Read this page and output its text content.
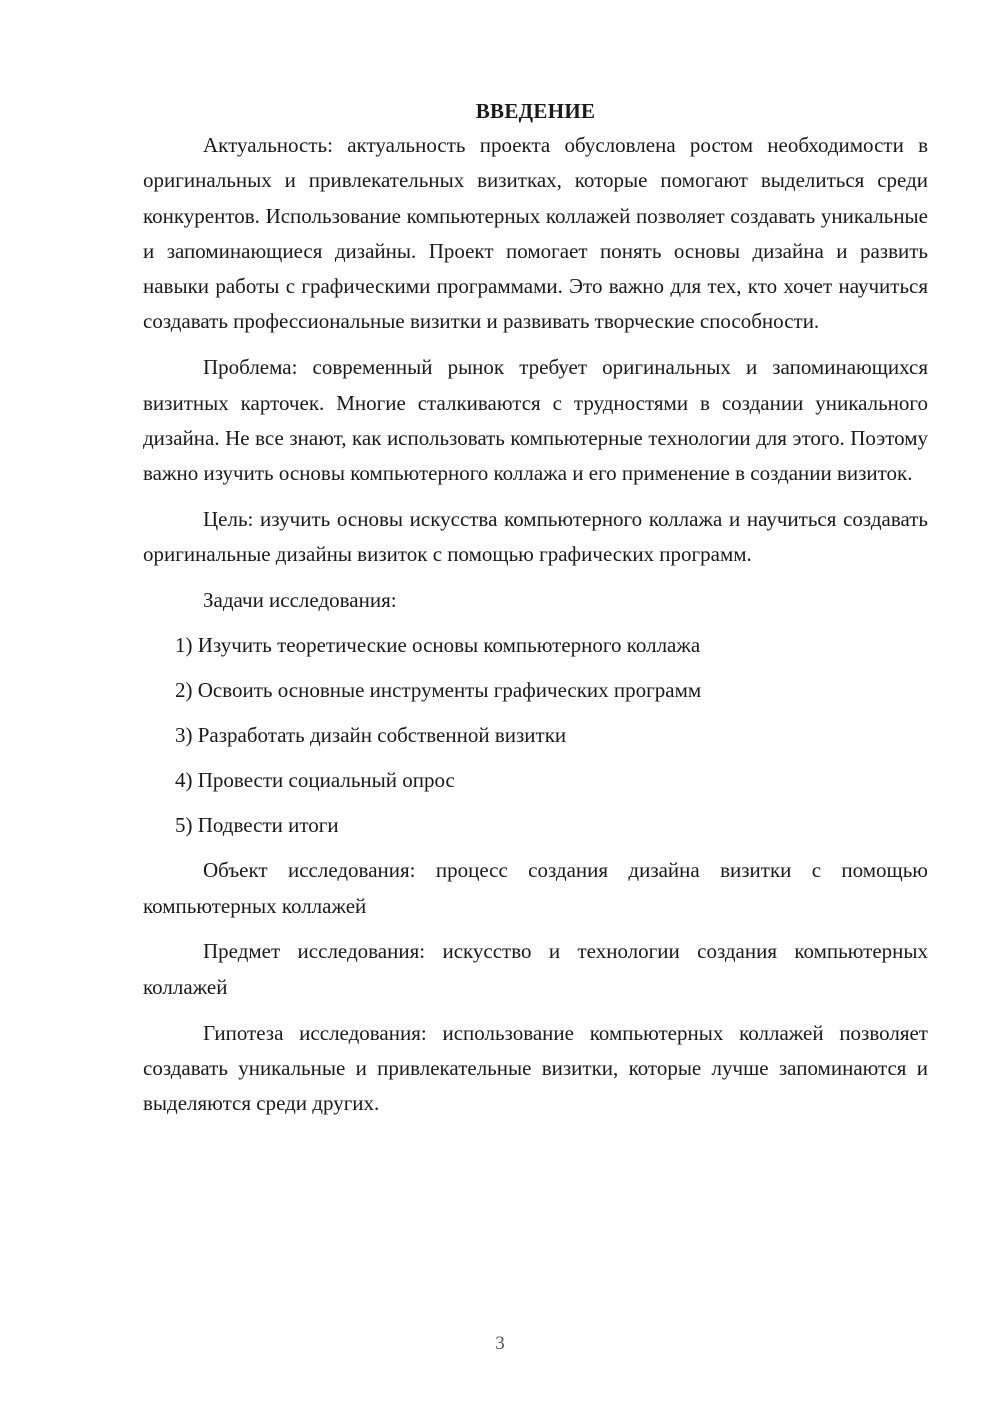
ВВЕДЕНИЕ

Актуальность: актуальность проекта обусловлена ростом необходимости в оригинальных и привлекательных визитках, которые помогают выделиться среди конкурентов. Использование компьютерных коллажей позволяет создавать уникальные и запоминающиеся дизайны. Проект помогает понять основы дизайна и развить навыки работы с графическими программами. Это важно для тех, кто хочет научиться создавать профессиональные визитки и развивать творческие способности.

Проблема: современный рынок требует оригинальных и запоминающихся визитных карточек. Многие сталкиваются с трудностями в создании уникального дизайна. Не все знают, как использовать компьютерные технологии для этого. Поэтому важно изучить основы компьютерного коллажа и его применение в создании визиток.

Цель: изучить основы искусства компьютерного коллажа и научиться создавать оригинальные дизайны визиток с помощью графических программ.

Задачи исследования:

1) Изучить теоретические основы компьютерного коллажа
2) Освоить основные инструменты графических программ
3) Разработать дизайн собственной визитки
4) Провести социальный опрос
5) Подвести итоги

Объект исследования: процесс создания дизайна визитки с помощью компьютерных коллажей

Предмет исследования: искусство и технологии создания компьютерных коллажей

Гипотеза исследования: использование компьютерных коллажей позволяет создавать уникальные и привлекательные визитки, которые лучше запоминаются и выделяются среди других.

3
